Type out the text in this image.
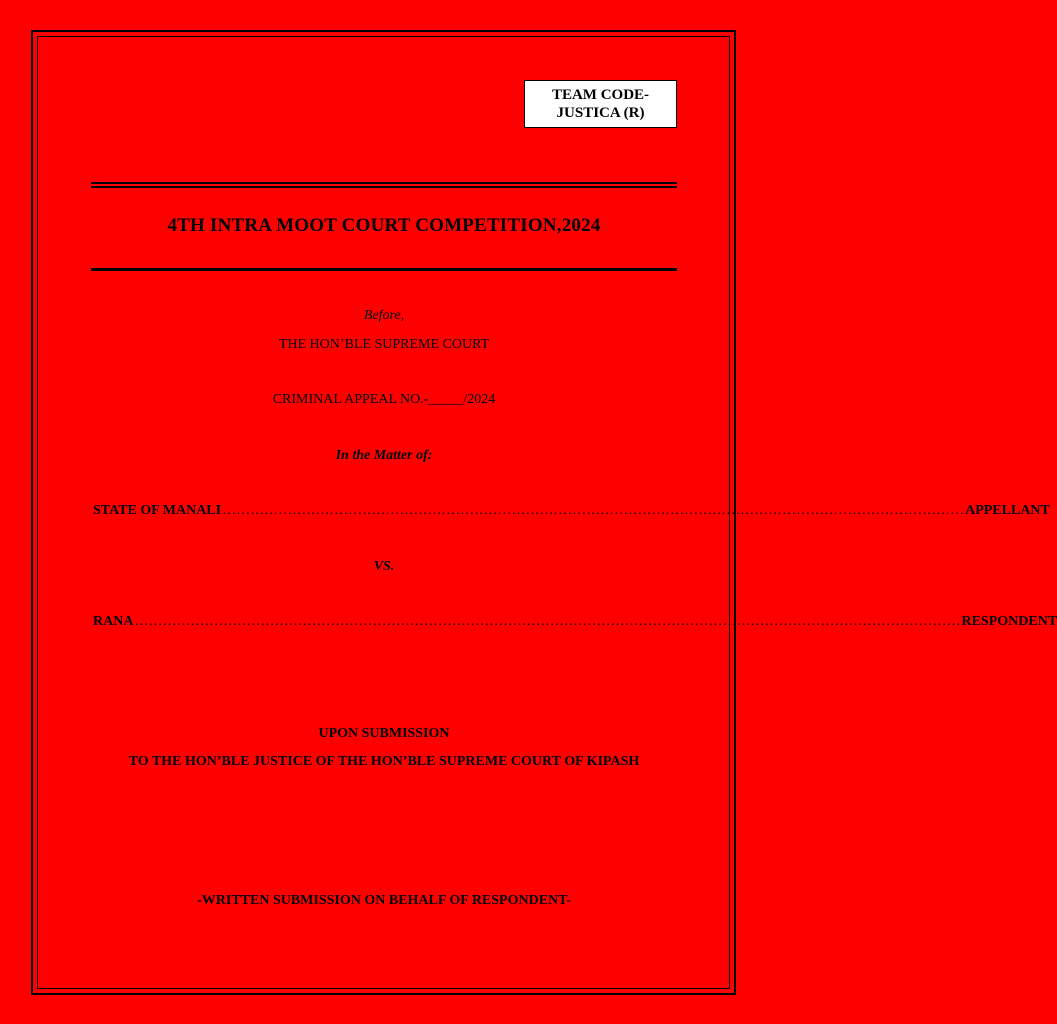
TEAM CODE-
JUSTICA (R)
4TH INTRA MOOT COURT COMPETITION,2024
Before,
THE HON’BLE SUPREME COURT
CRIMINAL APPEAL NO.-_____/2024
In the Matter of:
STATE OF MANALI …………………………………………………………………………………………………………………………………………… APPELLANT
VS.
RANA …………………………………………………………………………………………………………………………………………………………… RESPONDENT
UPON SUBMISSION
TO THE HON’BLE JUSTICE OF THE HON’BLE SUPREME COURT OF KIPASH
-WRITTEN SUBMISSION ON BEHALF OF RESPONDENT-
